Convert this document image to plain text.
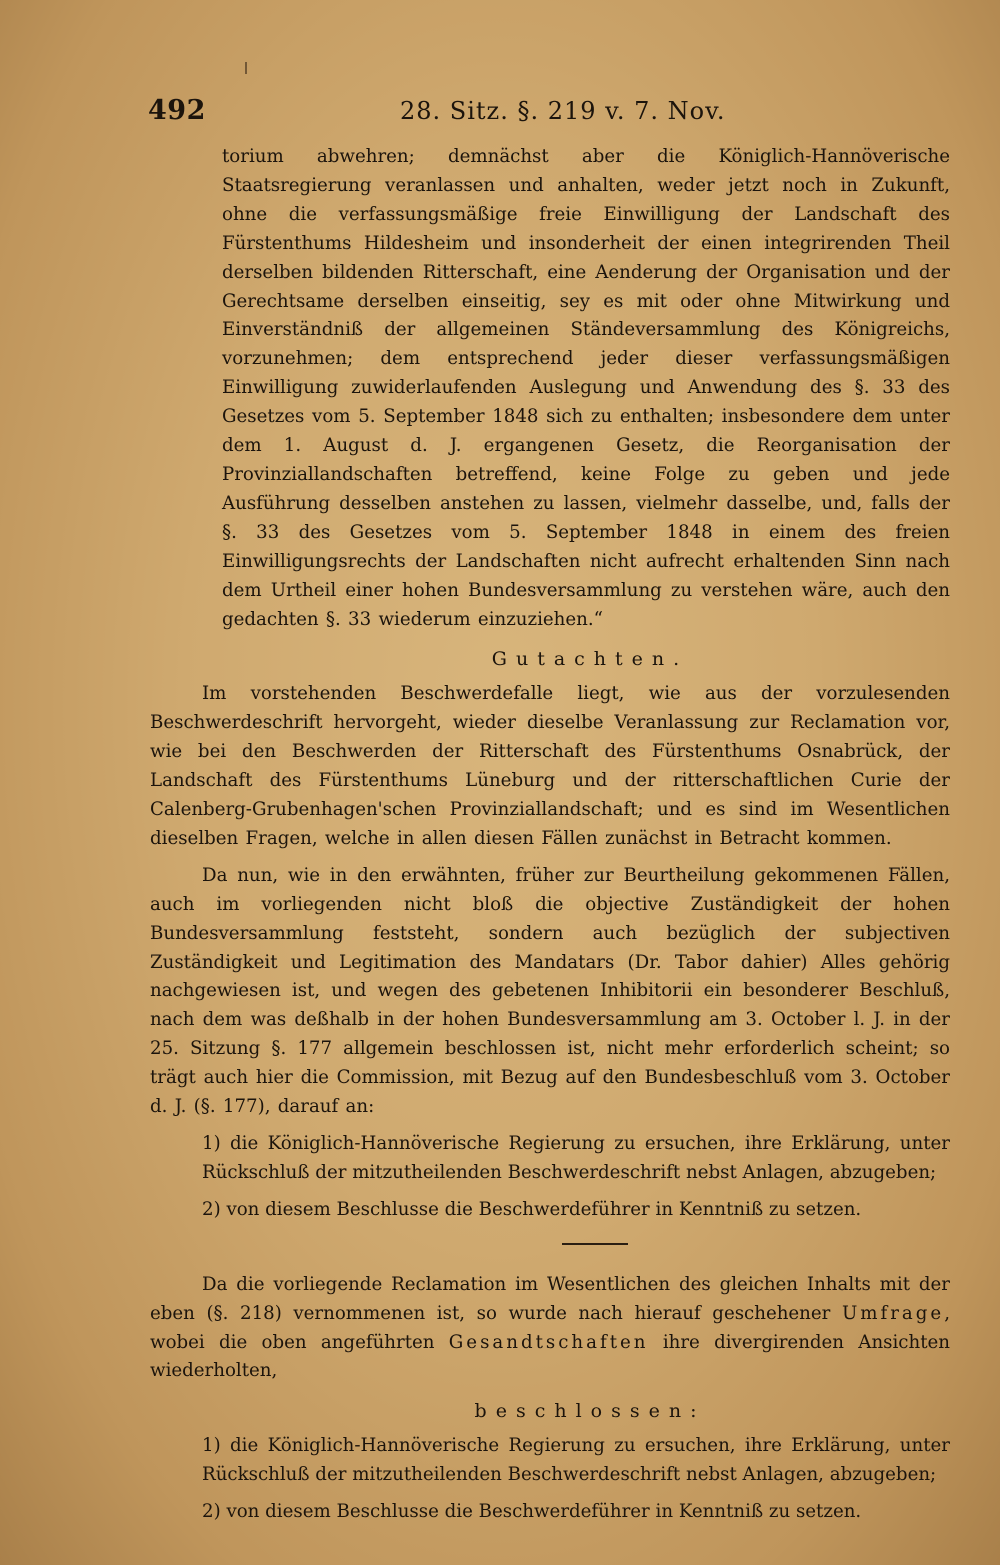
492	28. Sitz. §. 219 v. 7. Nov.

torium abwehren; demnächst aber die Königlich-Hannöverische Staatsregierung veranlassen und anhalten, weder jetzt noch in Zukunft, ohne die verfassungsmäßige freie Einwilligung der Landschaft des Fürstenthums Hildesheim und insonderheit der einen integrirenden Theil derselben bildenden Ritterschaft, eine Aenderung der Organisation und der Gerechtsame derselben einseitig, sey es mit oder ohne Mitwirkung und Einverständniß der allgemeinen Ständeversammlung des Königreichs, vorzunehmen; dem entsprechend jeder dieser verfassungsmäßigen Einwilligung zuwiderlaufenden Auslegung und Anwendung des §. 33 des Gesetzes vom 5. September 1848 sich zu enthalten; insbesondere dem unter dem 1. August d. J. ergangenen Gesetz, die Reorganisation der Provinziallandschaften betreffend, keine Folge zu geben und jede Ausführung desselben anstehen zu lassen, vielmehr dasselbe, und, falls der §. 33 des Gesetzes vom 5. September 1848 in einem des freien Einwilligungsrechts der Landschaften nicht aufrecht erhaltenden Sinn nach dem Urtheil einer hohen Bundesversammlung zu verstehen wäre, auch den gedachten §. 33 wiederum einzuziehen.“

Gutachten.

Im vorstehenden Beschwerdefalle liegt, wie aus der vorzulesenden Beschwerdeschrift hervorgeht, wieder dieselbe Veranlassung zur Reclamation vor, wie bei den Beschwerden der Ritterschaft des Fürstenthums Osnabrück, der Landschaft des Fürstenthums Lüneburg und der ritterschaftlichen Curie der Calenberg-Grubenhagen'schen Provinziallandschaft; und es sind im Wesentlichen dieselben Fragen, welche in allen diesen Fällen zunächst in Betracht kommen.

Da nun, wie in den erwähnten, früher zur Beurtheilung gekommenen Fällen, auch im vorliegenden nicht bloß die objective Zuständigkeit der hohen Bundesversammlung feststeht, sondern auch bezüglich der subjectiven Zuständigkeit und Legitimation des Mandatars (Dr. Tabor dahier) Alles gehörig nachgewiesen ist, und wegen des gebetenen Inhibitorii ein besonderer Beschluß, nach dem was deßhalb in der hohen Bundesversammlung am 3. October l. J. in der 25. Sitzung §. 177 allgemein beschlossen ist, nicht mehr erforderlich scheint; so trägt auch hier die Commission, mit Bezug auf den Bundesbeschluß vom 3. October d. J. (§. 177), darauf an:

1) die Königlich-Hannöverische Regierung zu ersuchen, ihre Erklärung, unter Rückschluß der mitzutheilenden Beschwerdeschrift nebst Anlagen, abzugeben;

2) von diesem Beschlusse die Beschwerdeführer in Kenntniß zu setzen.

Da die vorliegende Reclamation im Wesentlichen des gleichen Inhalts mit der eben (§. 218) vernommenen ist, so wurde nach hierauf geschehener Umfrage, wobei die oben angeführten Gesandtschaften ihre divergirenden Ansichten wiederholten,

beschlossen:

1) die Königlich-Hannöverische Regierung zu ersuchen, ihre Erklärung, unter Rückschluß der mitzutheilenden Beschwerdeschrift nebst Anlagen, abzugeben;

2) von diesem Beschlusse die Beschwerdeführer in Kenntniß zu setzen.
